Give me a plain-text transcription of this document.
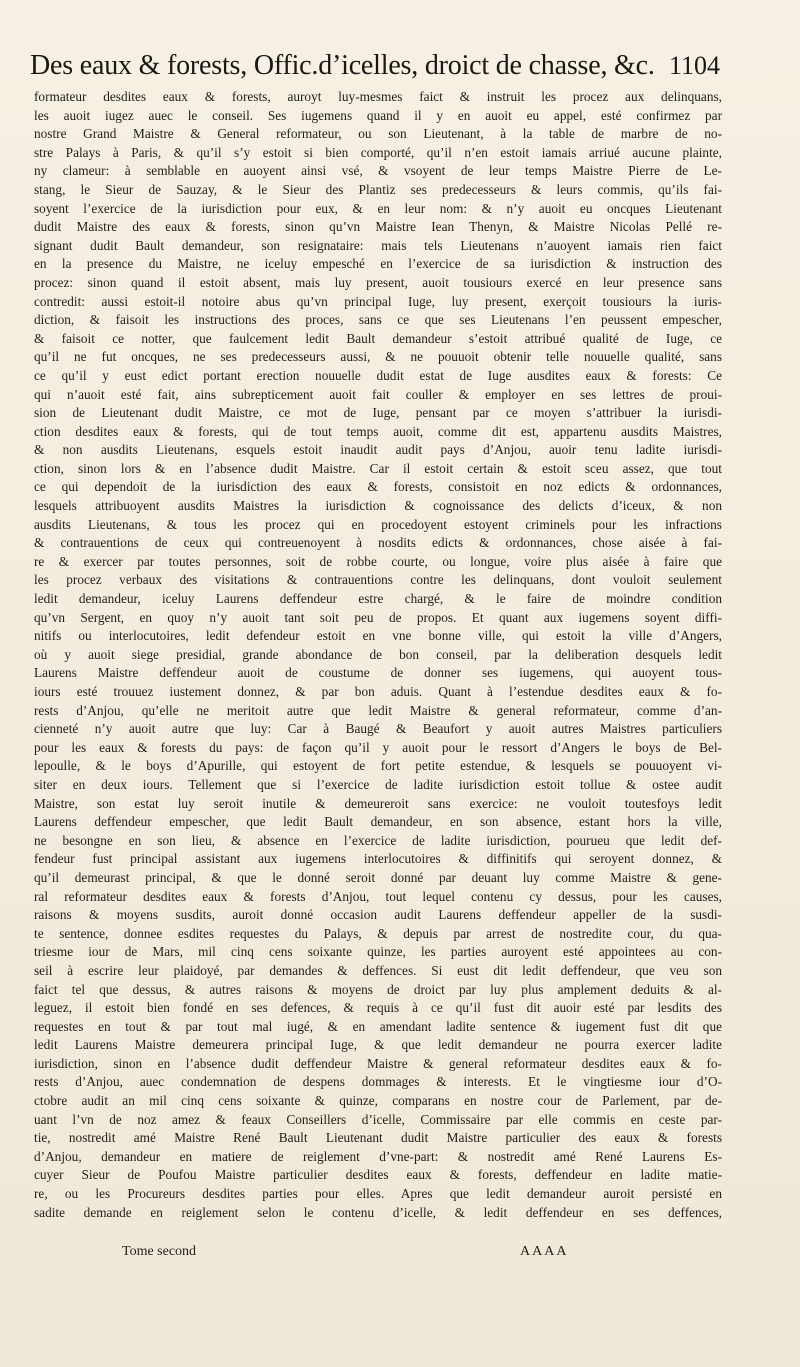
Des eaux & forests, Offic.d’icelles, droict de chasse, &c. 1104
formateur desdites eaux & forests, auroyt luy-mesmes faict & instruit les procez aux delinquans,
les auoit iugez auec le conseil. Ses iugemens quand il y en auoit eu appel, esté confirmez par
nostre Grand Maistre & General reformateur, ou son Lieutenant, à la table de marbre de no-
stre Palays à Paris, & qu’il s’y estoit si bien comporté, qu’il n’en estoit iamais arriué aucune plainte,
ny clameur: à semblable en auoyent ainsi vsé, & vsoyent de leur temps Maistre Pierre de Le-
stang, le Sieur de Sauzay, & le Sieur des Plantiz ses predecesseurs & leurs commis, qu’ils fai-
soyent l’exercice de la iurisdiction pour eux, & en leur nom: & n’y auoit eu oncques Lieutenant
dudit Maistre des eaux & forests, sinon qu’vn Maistre Iean Thenyn, & Maistre Nicolas Pellé re-
signant dudit Bault demandeur, son resignataire: mais tels Lieutenans n’auoyent iamais rien faict
en la presence du Maistre, ne iceluy empesché en l’exercice de sa iurisdiction & instruction des
procez: sinon quand il estoit absent, mais luy present, auoit tousiours exercé en leur presence sans
contredit: aussi estoit-il notoire abus qu’vn principal Iuge, luy present, exerçoit tousiours la iuris-
diction, & faisoit les instructions des proces, sans ce que ses Lieutenans l’en peussent empescher,
& faisoit ce notter, que faulcement ledit Bault demandeur s’estoit attribué qualité de Iuge, ce
qu’il ne fut oncques, ne ses predecesseurs aussi, & ne pouuoit obtenir telle nouuelle qualité, sans
ce qu’il y eust edict portant erection nouuelle dudit estat de Iuge ausdites eaux & forests: Ce
qui n’auoit esté fait, ains subrepticement auoit fait couller & employer en ses lettres de proui-
sion de Lieutenant dudit Maistre, ce mot de Iuge, pensant par ce moyen s’attribuer la iurisdi-
ction desdites eaux & forests, qui de tout temps auoit, comme dit est, appartenu ausdits Maistres,
& non ausdits Lieutenans, esquels estoit inaudit audit pays d’Anjou, auoir tenu ladite iurisdi-
ction, sinon lors & en l’absence dudit Maistre. Car il estoit certain & estoit sceu assez, que tout
ce qui dependoit de la iurisdiction des eaux & forests, consistoit en noz edicts & ordonnances,
lesquels attribuoyent ausdits Maistres la iurisdiction & cognoissance des delicts d’iceux, & non
ausdits Lieutenans, & tous les procez qui en procedoyent estoyent criminels pour les infractions
& contrauentions de ceux qui contreuenoyent à nosdits edicts & ordonnances, chose aisée à fai-
re & exercer par toutes personnes, soit de robbe courte, ou longue, voire plus aisée à faire que
les procez verbaux des visitations & contrauentions contre les delinquans, dont vouloit seulement
ledit demandeur, iceluy Laurens deffendeur estre chargé, & le faire de moindre condition
qu’vn Sergent, en quoy n’y auoit tant soit peu de propos. Et quant aux iugemens soyent diffi-
nitifs ou interlocutoires, ledit defendeur estoit en vne bonne ville, qui estoit la ville d’Angers,
où y auoit siege presidial, grande abondance de bon conseil, par la deliberation desquels ledit
Laurens Maistre deffendeur auoit de coustume de donner ses iugemens, qui auoyent tous-
iours esté trouuez iustement donnez, & par bon aduis. Quant à l’estendue desdites eaux & fo-
rests d’Anjou, qu’elle ne meritoit autre que ledit Maistre & general reformateur, comme d’an-
cienneté n’y auoit autre que luy: Car à Baugé & Beaufort y auoit autres Maistres particuliers
pour les eaux & forests du pays: de façon qu’il y auoit pour le ressort d’Angers le boys de Bel-
lepoulle, & le boys d’Apurille, qui estoyent de fort petite estendue, & lesquels se pouuoyent vi-
siter en deux iours. Tellement que si l’exercice de ladite iurisdiction estoit tollue & ostee audit
Maistre, son estat luy seroit inutile & demeureroit sans exercice: ne vouloit toutesfoys ledit
Laurens deffendeur empescher, que ledit Bault demandeur, en son absence, estant hors la ville,
ne besongne en son lieu, & absence en l’exercice de ladite iurisdiction, pourueu que ledit def-
fendeur fust principal assistant aux iugemens interlocutoires & diffinitifs qui seroyent donnez, &
qu’il demeurast principal, & que le donné seroit donné par deuant luy comme Maistre & gene-
ral reformateur desdites eaux & forests d’Anjou, tout lequel contenu cy dessus, pour les causes,
raisons & moyens susdits, auroit donné occasion audit Laurens deffendeur appeller de la susdi-
te sentence, donnee esdites requestes du Palays, & depuis par arrest de nostredite cour, du qua-
triesme iour de Mars, mil cinq cens soixante quinze, les parties auroyent esté appointees au con-
seil à escrire leur plaidoyé, par demandes & deffences. Si eust dit ledit deffendeur, que veu son
faict tel que dessus, & autres raisons & moyens de droict par luy plus amplement deduits & al-
leguez, il estoit bien fondé en ses defences, & requis à ce qu’il fust dit auoir esté par lesdits des
requestes en tout & par tout mal iugé, & en amendant ladite sentence & iugement fust dit que
ledit Laurens Maistre demeurera principal Iuge, & que ledit demandeur ne pourra exercer ladite
iurisdiction, sinon en l’absence dudit deffendeur Maistre & general reformateur desdites eaux & fo-
rests d’Anjou, auec condemnation de despens dommages & interests. Et le vingtiesme iour d’O-
ctobre audit an mil cinq cens soixante & quinze, comparans en nostre cour de Parlement, par de-
uant l’vn de noz amez & feaux Conseillers d’icelle, Commissaire par elle commis en ceste par-
tie, nostredit amé Maistre René Bault Lieutenant dudit Maistre particulier des eaux & forests
d’Anjou, demandeur en matiere de reiglement d’vne-part: & nostredit amé René Laurens Es-
cuyer Sieur de Poufou Maistre particulier desdites eaux & forests, deffendeur en ladite matie-
re, ou les Procureurs desdites parties pour elles. Apres que ledit demandeur auroit persisté en
sadite demande en reiglement selon le contenu d’icelle, & ledit deffendeur en ses deffences,
Tome second	AAAA
